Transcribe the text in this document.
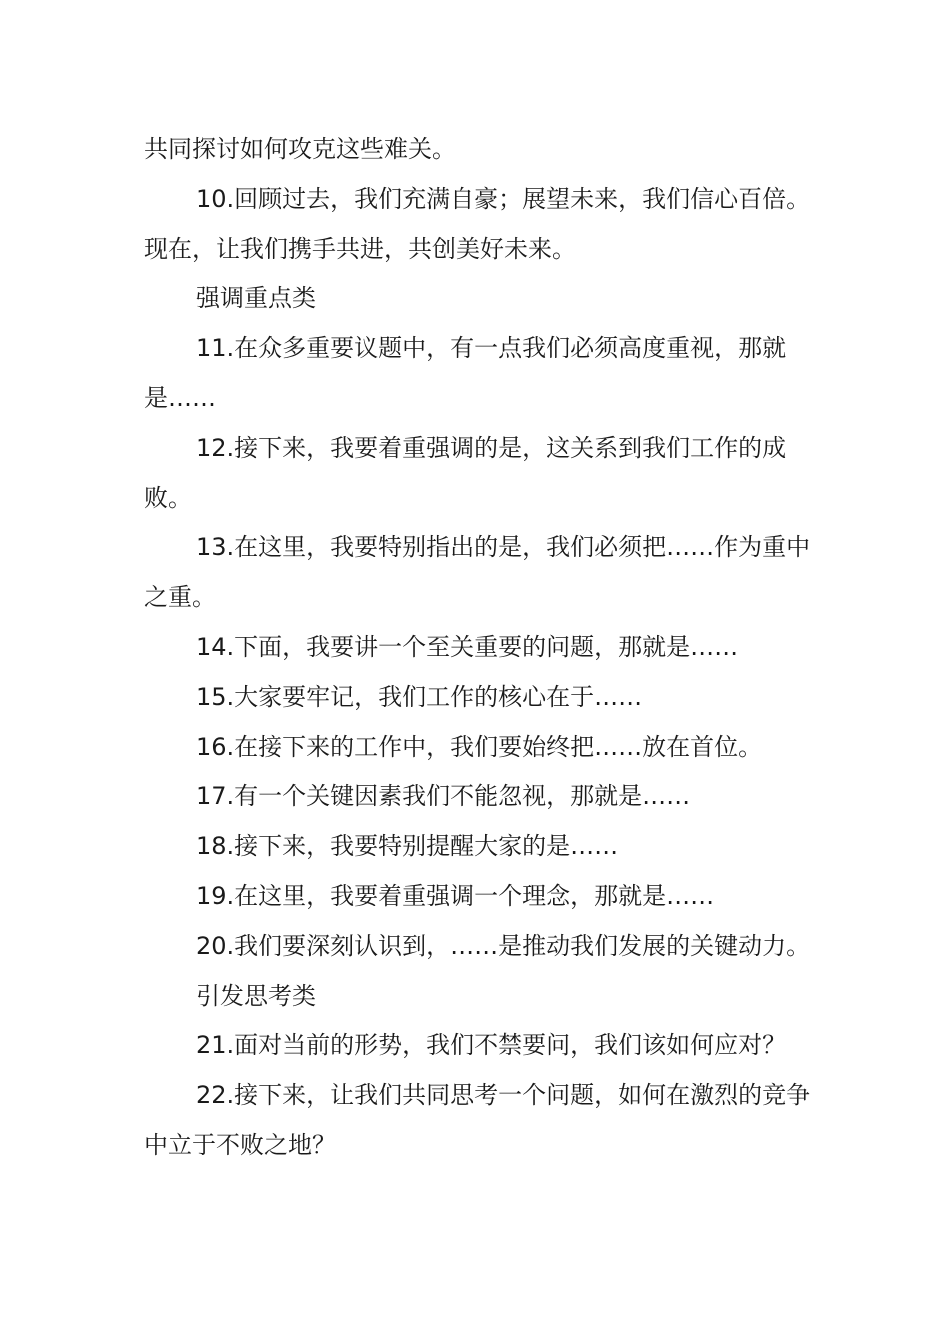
共同探讨如何攻克这些难关。

10.回顾过去，我们充满自豪；展望未来，我们信心百倍。现在，让我们携手共进，共创美好未来。

强调重点类

11.在众多重要议题中，有一点我们必须高度重视，那就是……

12.接下来，我要着重强调的是，这关系到我们工作的成败。

13.在这里，我要特别指出的是，我们必须把……作为重中之重。

14.下面，我要讲一个至关重要的问题，那就是……

15.大家要牢记，我们工作的核心在于……

16.在接下来的工作中，我们要始终把……放在首位。

17.有一个关键因素我们不能忽视，那就是……

18.接下来，我要特别提醒大家的是……

19.在这里，我要着重强调一个理念，那就是……

20.我们要深刻认识到，……是推动我们发展的关键动力。

引发思考类

21.面对当前的形势，我们不禁要问，我们该如何应对？

22.接下来，让我们共同思考一个问题，如何在激烈的竞争中立于不败之地？
